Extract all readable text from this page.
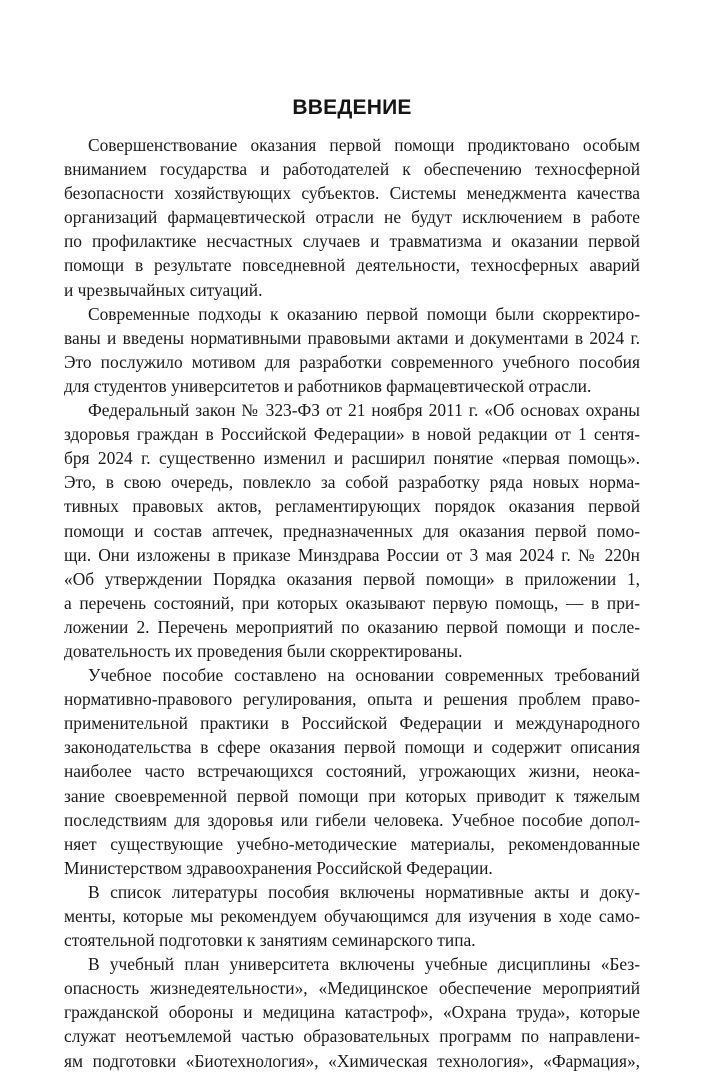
ВВЕДЕНИЕ
Совершенствование оказания первой помощи продиктовано особым
вниманием государства и работодателей к обеспечению техносферной
безопасности хозяйствующих субъектов. Системы менеджмента качества
организаций фармацевтической отрасли не будут исключением в работе
по профилактике несчастных случаев и травматизма и оказании первой
помощи в результате повседневной деятельности, техносферных аварий
и чрезвычайных ситуаций.
Современные подходы к оказанию первой помощи были скорректиро-
ваны и введены нормативными правовыми актами и документами в 2024 г.
Это послужило мотивом для разработки современного учебного пособия
для студентов университетов и работников фармацевтической отрасли.
Федеральный закон № 323-ФЗ от 21 ноября 2011 г. «Об основах охраны
здоровья граждан в Российской Федерации» в новой редакции от 1 сентя-
бря 2024 г. существенно изменил и расширил понятие «первая помощь».
Это, в свою очередь, повлекло за собой разработку ряда новых норма-
тивных правовых актов, регламентирующих порядок оказания первой
помощи и состав аптечек, предназначенных для оказания первой помо-
щи. Они изложены в приказе Минздрава России от 3 мая 2024 г. № 220н
«Об утверждении Порядка оказания первой помощи» в приложении 1,
а перечень состояний, при которых оказывают первую помощь, — в при-
ложении 2. Перечень мероприятий по оказанию первой помощи и после-
довательность их проведения были скорректированы.
Учебное пособие составлено на основании современных требований
нормативно-правового регулирования, опыта и решения проблем право-
применительной практики в Российской Федерации и международного
законодательства в сфере оказания первой помощи и содержит описания
наиболее часто встречающихся состояний, угрожающих жизни, неока-
зание своевременной первой помощи при которых приводит к тяжелым
последствиям для здоровья или гибели человека. Учебное пособие допол-
няет существующие учебно-методические материалы, рекомендованные
Министерством здравоохранения Российской Федерации.
В список литературы пособия включены нормативные акты и доку-
менты, которые мы рекомендуем обучающимся для изучения в ходе само-
стоятельной подготовки к занятиям семинарского типа.
В учебный план университета включены учебные дисциплины «Без-
опасность жизнедеятельности», «Медицинское обеспечение мероприятий
гражданской обороны и медицина катастроф», «Охрана труда», которые
служат неотъемлемой частью образовательных программ по направлени-
ям подготовки «Биотехнология», «Химическая технология», «Фармация»,
